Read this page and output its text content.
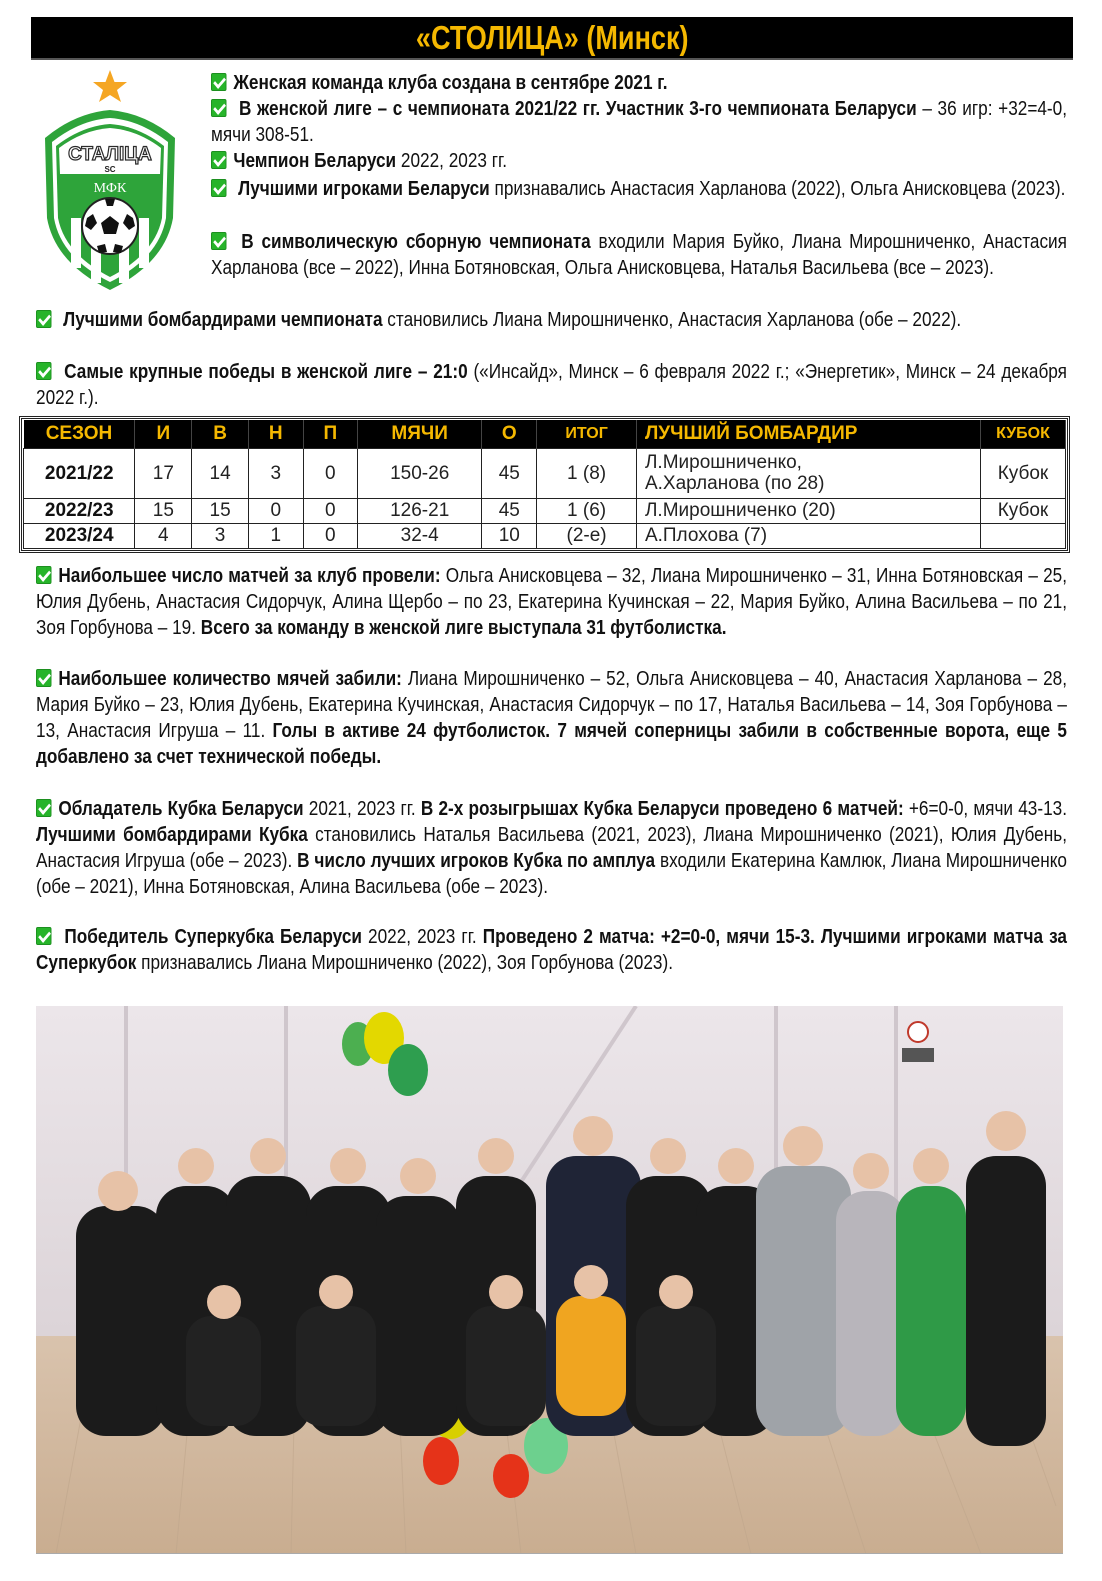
«СТОЛИЦА» (Минск)
СТАЛIЦА
SC
МФК
Женская команда клуба создана в сентябре 2021 г.
В женской лиге – с чемпионата 2021/22 гг. Участник 3-го чемпионата Беларуси – 36 игр: +32=4-0, мячи 308-51.
Чемпион Беларуси 2022, 2023 гг.
Лучшими игроками Беларуси признавались Анастасия Харланова (2022), Ольга Анисковцева (2023).
В символическую сборную чемпионата входили Мария Буйко, Лиана Мирошниченко, Анастасия Харланова (все – 2022), Инна Ботяновская, Ольга Анисковцева, Наталья Васильева (все – 2023).
Лучшими бомбардирами чемпионата становились Лиана Мирошниченко, Анастасия Харланова (обе – 2022).
Самые крупные победы в женской лиге – 21:0 («Инсайд», Минск – 6 февраля 2022 г.; «Энергетик», Минск – 24 декабря 2022 г.).
СЕЗОН	И	В	Н	П	МЯЧИ	О	ИТОГ	ЛУЧШИЙ БОМБАРДИР	КУБОК
2021/22	17	14	3	0	150-26	45	1 (8)	Л.Мирошниченко,
А.Харланова (по 28)	Кубок
2022/23	15	15	0	0	126-21	45	1 (6)	Л.Мирошниченко (20)	Кубок
2023/24	4	3	1	0	32-4	10	(2-е)	А.Плохова (7)	
Наибольшее число матчей за клуб провели: Ольга Анисковцева – 32, Лиана Мирошниченко – 31, Инна Ботяновская – 25, Юлия Дубень, Анастасия Сидорчук, Алина Щербо – по 23, Екатерина Кучинская – 22, Мария Буйко, Алина Васильева – по 21, Зоя Горбунова – 19. Всего за команду в женской лиге выступала 31 футболистка.
Наибольшее количество мячей забили: Лиана Мирошниченко – 52, Ольга Анисковцева – 40, Анастасия Харланова – 28, Мария Буйко – 23, Юлия Дубень, Екатерина Кучинская, Анастасия Сидорчук – по 17, Наталья Васильева – 14, Зоя Горбунова – 13, Анастасия Игруша – 11. Голы в активе 24 футболисток. 7 мячей соперницы забили в собственные ворота, еще 5 добавлено за счет технической победы.
Обладатель Кубка Беларуси 2021, 2023 гг. В 2-х розыгрышах Кубка Беларуси проведено 6 матчей: +6=0-0, мячи 43-13. Лучшими бомбардирами Кубка становились Наталья Васильева (2021, 2023), Лиана Мирошниченко (2021), Юлия Дубень, Анастасия Игруша (обе – 2023). В число лучших игроков Кубка по амплуа входили Екатерина Камлюк, Лиана Мирошниченко (обе – 2021), Инна Ботяновская, Алина Васильева (обе – 2023).
Победитель Суперкубка Беларуси 2022, 2023 гг. Проведено 2 матча: +2=0-0, мячи 15-3. Лучшими игроками матча за Суперкубок признавались Лиана Мирошниченко (2022), Зоя Горбунова (2023).
